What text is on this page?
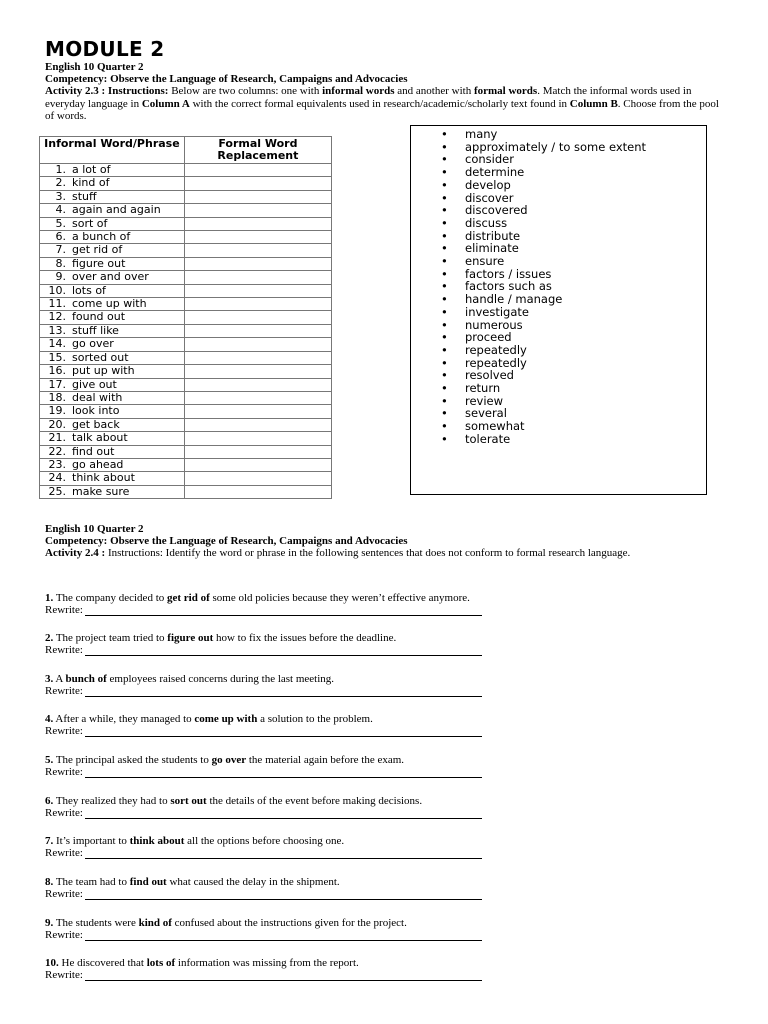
MODULE 2
English 10 Quarter 2
Competency: Observe the Language of Research, Campaigns and Advocacies
Activity 2.3 : Instructions: Below are two columns: one with informal words and another with formal words. Match the informal words used in everyday language in Column A with the correct formal equivalents used in research/academic/scholarly text found in Column B. Choose from the pool of words.
Informal Word/Phrase	Formal Word Replacement
1. a lot of	
2. kind of	
3. stuff	
4. again and again	
5. sort of	
6. a bunch of	
7. get rid of	
8. figure out	
9. over and over	
10. lots of	
11. come up with	
12. found out	
13. stuff like	
14. go over	
15. sorted out	
16. put up with	
17. give out	
18. deal with	
19. look into	
20. get back	
21. talk about	
22. find out	
23. go ahead	
24. think about	
25. make sure	
• many
• approximately / to some extent
• consider
• determine
• develop
• discover
• discovered
• discuss
• distribute
• eliminate
• ensure
• factors / issues
• factors such as
• handle / manage
• investigate
• numerous
• proceed
• repeatedly
• repeatedly
• resolved
• return
• review
• several
• somewhat
• tolerate
English 10 Quarter 2
Competency: Observe the Language of Research, Campaigns and Advocacies
Activity 2.4 : Instructions: Identify the word or phrase in the following sentences that does not conform to formal research language.
1. The company decided to get rid of some old policies because they weren’t effective anymore.
Rewrite:
2. The project team tried to figure out how to fix the issues before the deadline.
Rewrite:
3. A bunch of employees raised concerns during the last meeting.
Rewrite:
4. After a while, they managed to come up with a solution to the problem.
Rewrite:
5. The principal asked the students to go over the material again before the exam.
Rewrite:
6. They realized they had to sort out the details of the event before making decisions.
Rewrite:
7. It’s important to think about all the options before choosing one.
Rewrite:
8. The team had to find out what caused the delay in the shipment.
Rewrite:
9. The students were kind of confused about the instructions given for the project.
Rewrite:
10. He discovered that lots of information was missing from the report.
Rewrite:
